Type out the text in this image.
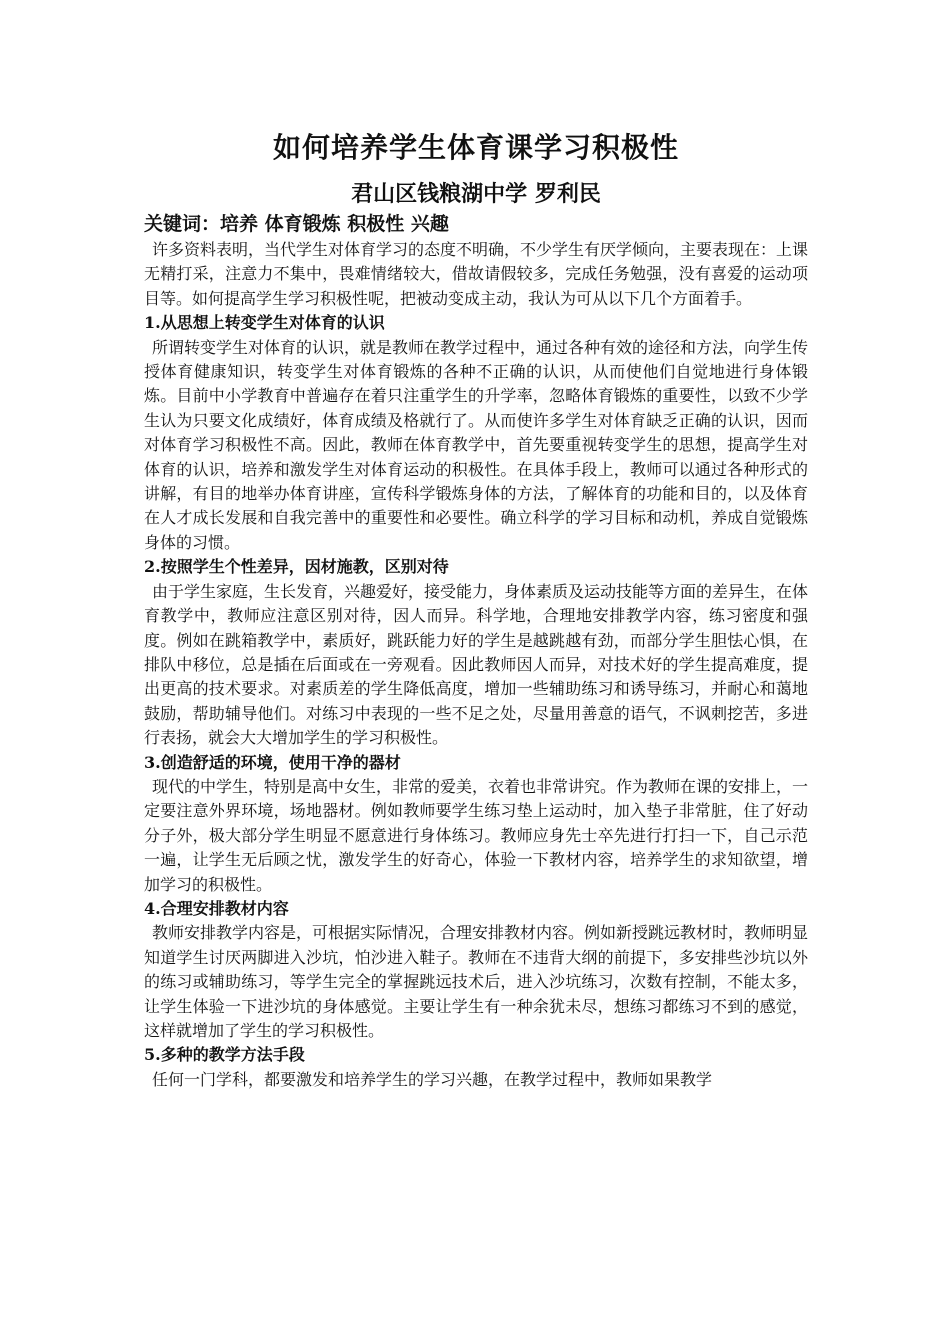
如何培养学生体育课学习积极性
君山区钱粮湖中学 罗利民

关键词：培养 体育锻炼 积极性 兴趣

许多资料表明，当代学生对体育学习的态度不明确，不少学生有厌学倾向，主要表现在：上课无精打采，注意力不集中，畏难情绪较大，借故请假较多，完成任务勉强，没有喜爱的运动项目等。如何提高学生学习积极性呢，把被动变成主动，我认为可从以下几个方面着手。

1.从思想上转变学生对体育的认识

所谓转变学生对体育的认识，就是教师在教学过程中，通过各种有效的途径和方法，向学生传授体育健康知识，转变学生对体育锻炼的各种不正确的认识，从而使他们自觉地进行身体锻炼。目前中小学教育中普遍存在着只注重学生的升学率，忽略体育锻炼的重要性，以致不少学生认为只要文化成绩好，体育成绩及格就行了。从而使许多学生对体育缺乏正确的认识，因而对体育学习积极性不高。因此，教师在体育教学中，首先要重视转变学生的思想，提高学生对体育的认识，培养和激发学生对体育运动的积极性。在具体手段上，教师可以通过各种形式的讲解，有目的地举办体育讲座，宣传科学锻炼身体的方法，了解体育的功能和目的，以及体育在人才成长发展和自我完善中的重要性和必要性。确立科学的学习目标和动机，养成自觉锻炼身体的习惯。

2.按照学生个性差异，因材施教，区别对待

由于学生家庭，生长发育，兴趣爱好，接受能力，身体素质及运动技能等方面的差异生，在体育教学中，教师应注意区别对待，因人而异。科学地，合理地安排教学内容，练习密度和强度。例如在跳箱教学中，素质好，跳跃能力好的学生是越跳越有劲，而部分学生胆怯心惧，在排队中移位，总是插在后面或在一旁观看。因此教师因人而异，对技术好的学生提高难度，提出更高的技术要求。对素质差的学生降低高度，增加一些辅助练习和诱导练习，并耐心和蔼地鼓励，帮助辅导他们。对练习中表现的一些不足之处，尽量用善意的语气，不讽刺挖苦，多进行表扬，就会大大增加学生的学习积极性。

3.创造舒适的环境，使用干净的器材

现代的中学生，特别是高中女生，非常的爱美，衣着也非常讲究。作为教师在课的安排上，一定要注意外界环境，场地器材。例如教师要学生练习垫上运动时，加入垫子非常脏，住了好动分子外，极大部分学生明显不愿意进行身体练习。教师应身先士卒先进行打扫一下，自己示范一遍，让学生无后顾之忧，激发学生的好奇心，体验一下教材内容，培养学生的求知欲望，增加学习的积极性。

4.合理安排教材内容

教师安排教学内容是，可根据实际情况，合理安排教材内容。例如新授跳远教材时，教师明显知道学生讨厌两脚进入沙坑，怕沙进入鞋子。教师在不违背大纲的前提下，多安排些沙坑以外的练习或辅助练习，等学生完全的掌握跳远技术后，进入沙坑练习，次数有控制，不能太多，让学生体验一下进沙坑的身体感觉。主要让学生有一种余犹未尽，想练习都练习不到的感觉，这样就增加了学生的学习积极性。

5.多种的教学方法手段

任何一门学科，都要激发和培养学生的学习兴趣，在教学过程中，教师如果教学
